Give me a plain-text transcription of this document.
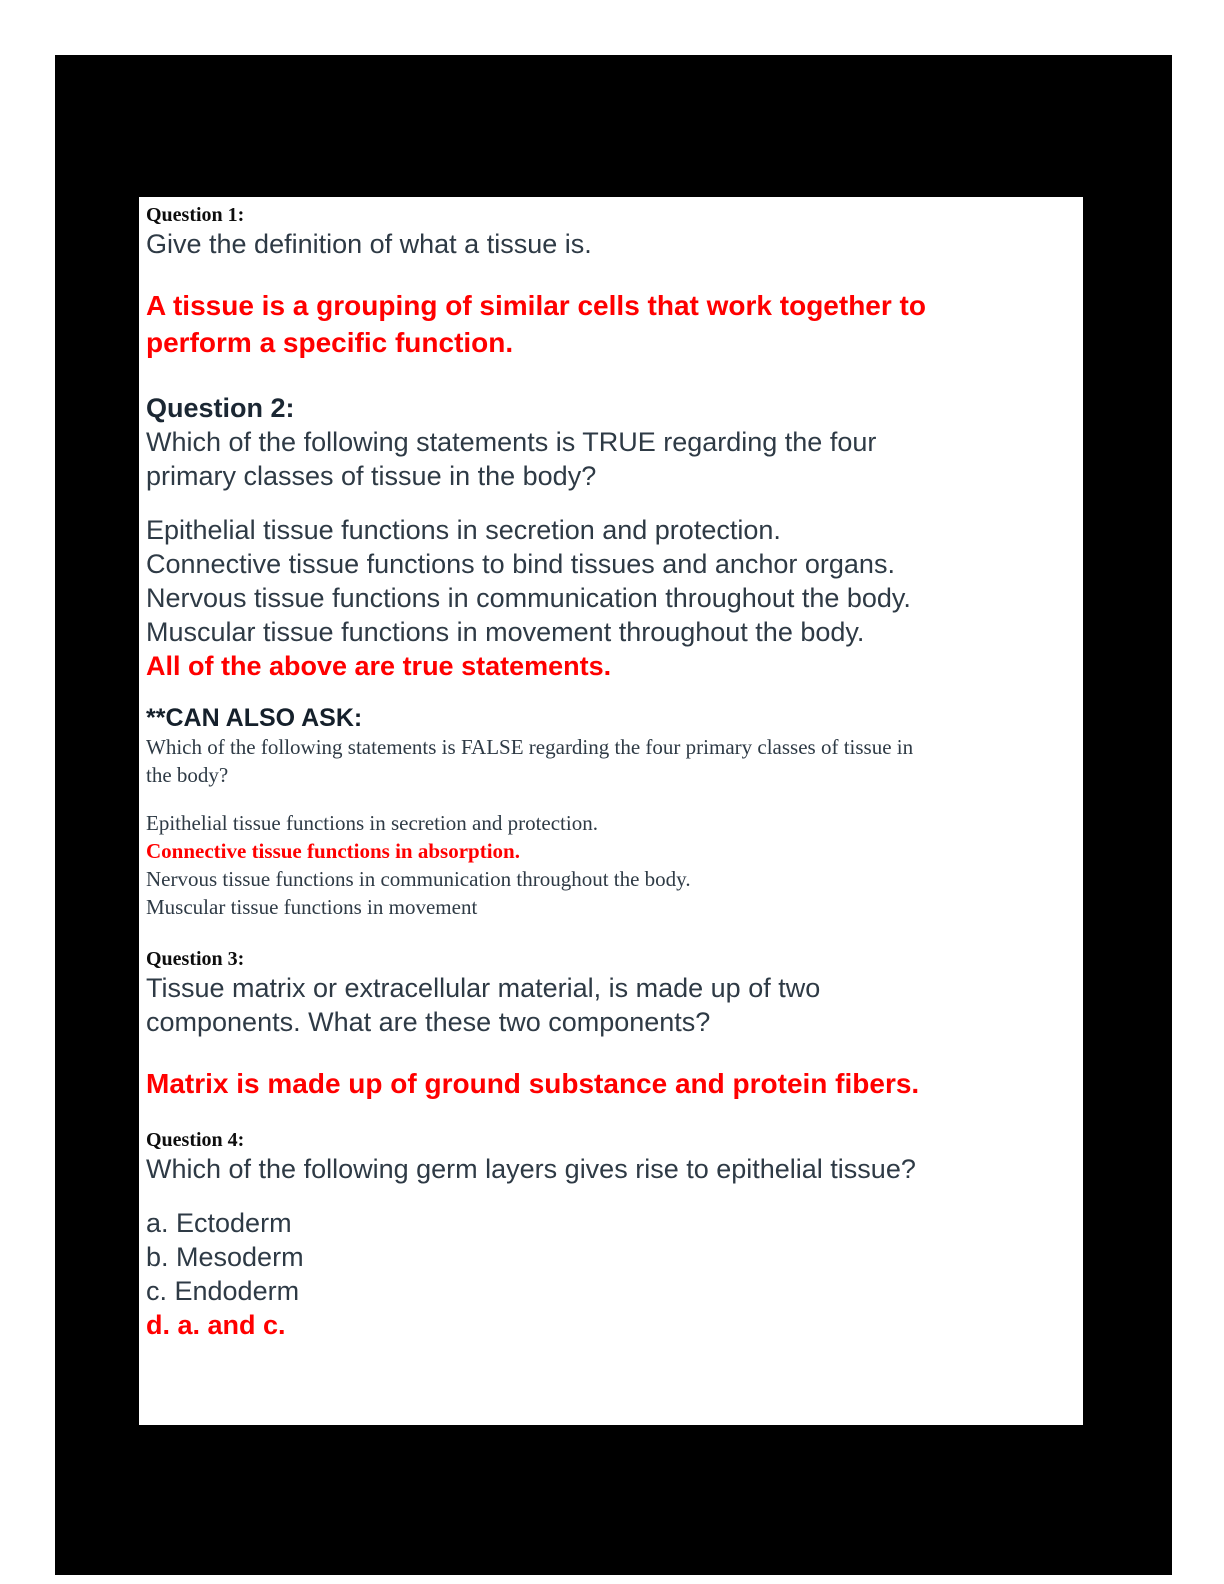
Question 1:

Give the definition of what a tissue is.

A tissue is a grouping of similar cells that work together to

perform a specific function.

Question 2:

Which of the following statements is TRUE regarding the four

primary classes of tissue in the body?

Epithelial tissue functions in secretion and protection.

Connective tissue functions to bind tissues and anchor organs.

Nervous tissue functions in communication throughout the body.

Muscular tissue functions in movement throughout the body.

All of the above are true statements.

**CAN ALSO ASK:

Which of the following statements is FALSE regarding the four primary classes of tissue in

the body?

Epithelial tissue functions in secretion and protection.

Connective tissue functions in absorption.

Nervous tissue functions in communication throughout the body.

Muscular tissue functions in movement

Question 3:

Tissue matrix or extracellular material, is made up of two

components. What are these two components?

Matrix is made up of ground substance and protein fibers.

Question 4:

Which of the following germ layers gives rise to epithelial tissue?

a. Ectoderm

b. Mesoderm

c. Endoderm

d. a. and c.
